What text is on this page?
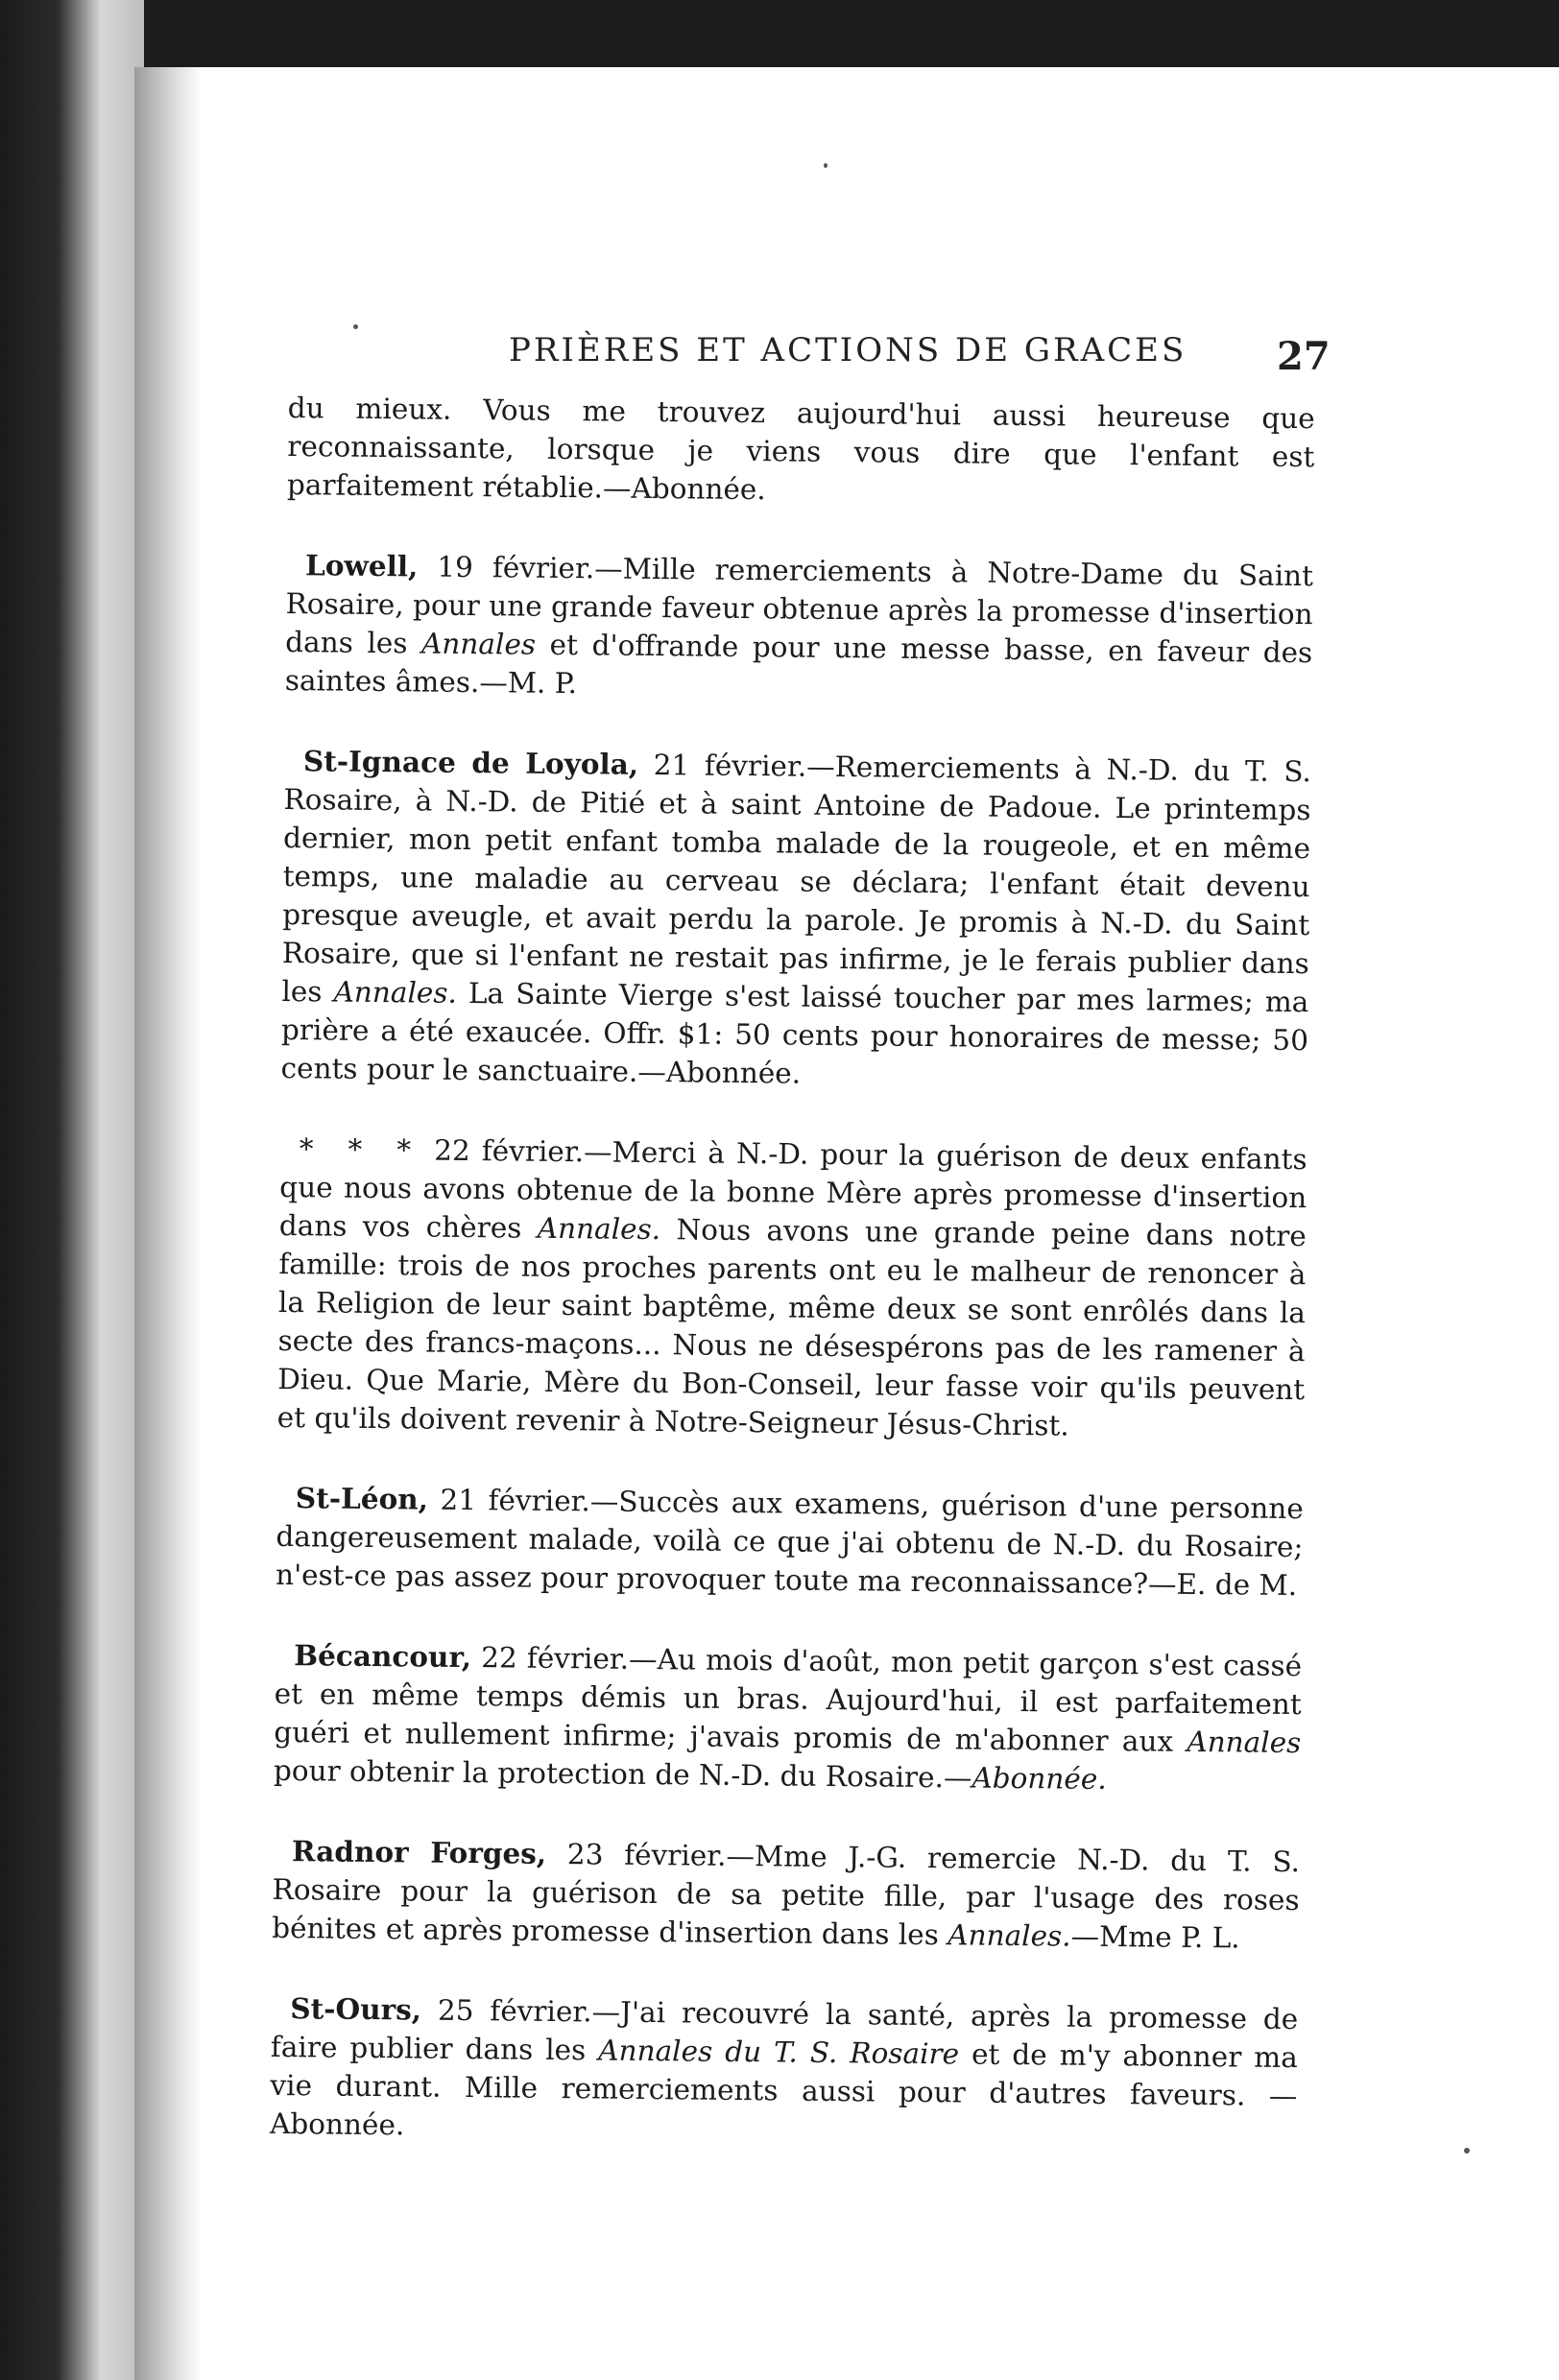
PRIÈRES ET ACTIONS DE GRACES 27

du mieux. Vous me trouvez aujourd'hui aussi heureuse que reconnaissante, lorsque je viens vous dire que l'enfant est parfaitement rétablie.—Abonnée.

Lowell, 19 février.—Mille remerciements à Notre-Dame du Saint Rosaire, pour une grande faveur obtenue après la promesse d'insertion dans les Annales et d'offrande pour une messe basse, en faveur des saintes âmes.—M. P.

St-Ignace de Loyola, 21 février.—Remerciements à N.-D. du T. S. Rosaire, à N.-D. de Pitié et à saint Antoine de Padoue. Le printemps dernier, mon petit enfant tomba malade de la rougeole, et en même temps, une maladie au cerveau se déclara; l'enfant était devenu presque aveugle, et avait perdu la parole. Je promis à N.-D. du Saint Rosaire, que si l'enfant ne restait pas infirme, je le ferais publier dans les Annales. La Sainte Vierge s'est laissé toucher par mes larmes; ma prière a été exaucée. Offr. $1: 50 cents pour honoraires de messe; 50 cents pour le sanctuaire.—Abonnée.

* * * 22 février.—Merci à N.-D. pour la guérison de deux enfants que nous avons obtenue de la bonne Mère après promesse d'insertion dans vos chères Annales. Nous avons une grande peine dans notre famille: trois de nos proches parents ont eu le malheur de renoncer à la Religion de leur saint baptême, même deux se sont enrôlés dans la secte des francs-maçons... Nous ne désespérons pas de les ramener à Dieu. Que Marie, Mère du Bon-Conseil, leur fasse voir qu'ils peuvent et qu'ils doivent revenir à Notre-Seigneur Jésus-Christ.

St-Léon, 21 février.—Succès aux examens, guérison d'une personne dangereusement malade, voilà ce que j'ai obtenu de N.-D. du Rosaire; n'est-ce pas assez pour provoquer toute ma reconnaissance?—E. de M.

Bécancour, 22 février.—Au mois d'août, mon petit garçon s'est cassé et en même temps démis un bras. Aujourd'hui, il est parfaitement guéri et nullement infirme; j'avais promis de m'abonner aux Annales pour obtenir la protection de N.-D. du Rosaire.—Abonnée.

Radnor Forges, 23 février.—Mme J.-G. remercie N.-D. du T. S. Rosaire pour la guérison de sa petite fille, par l'usage des roses bénites et après promesse d'insertion dans les Annales.—Mme P. L.

St-Ours, 25 février.—J'ai recouvré la santé, après la promesse de faire publier dans les Annales du T. S. Rosaire et de m'y abonner ma vie durant. Mille remerciements aussi pour d'autres faveurs. —Abonnée.
